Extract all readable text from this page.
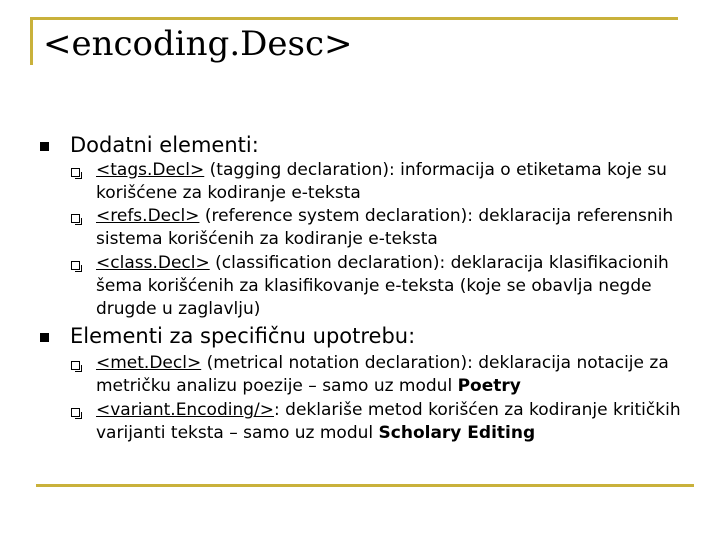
<encoding.Desc>
Dodatni elementi:
<tags.Decl> (tagging declaration): informacija o etiketama koje su korišćene za kodiranje e-teksta
<refs.Decl> (reference system declaration): deklaracija referensnih sistema korišćenih za kodiranje e-teksta
<class.Decl> (classification declaration): deklaracija klasifikacionih šema korišćenih za klasifikovanje e-teksta (koje se obavlja negde drugde u zaglavlju)
Elementi za specifičnu upotrebu:
<met.Decl> (metrical notation declaration): deklaracija notacije za metričku analizu poezije – samo uz modul Poetry
<variant.Encoding/>: deklariše metod korišćen za kodiranje kritičkih varijanti teksta – samo uz modul Scholary Editing
